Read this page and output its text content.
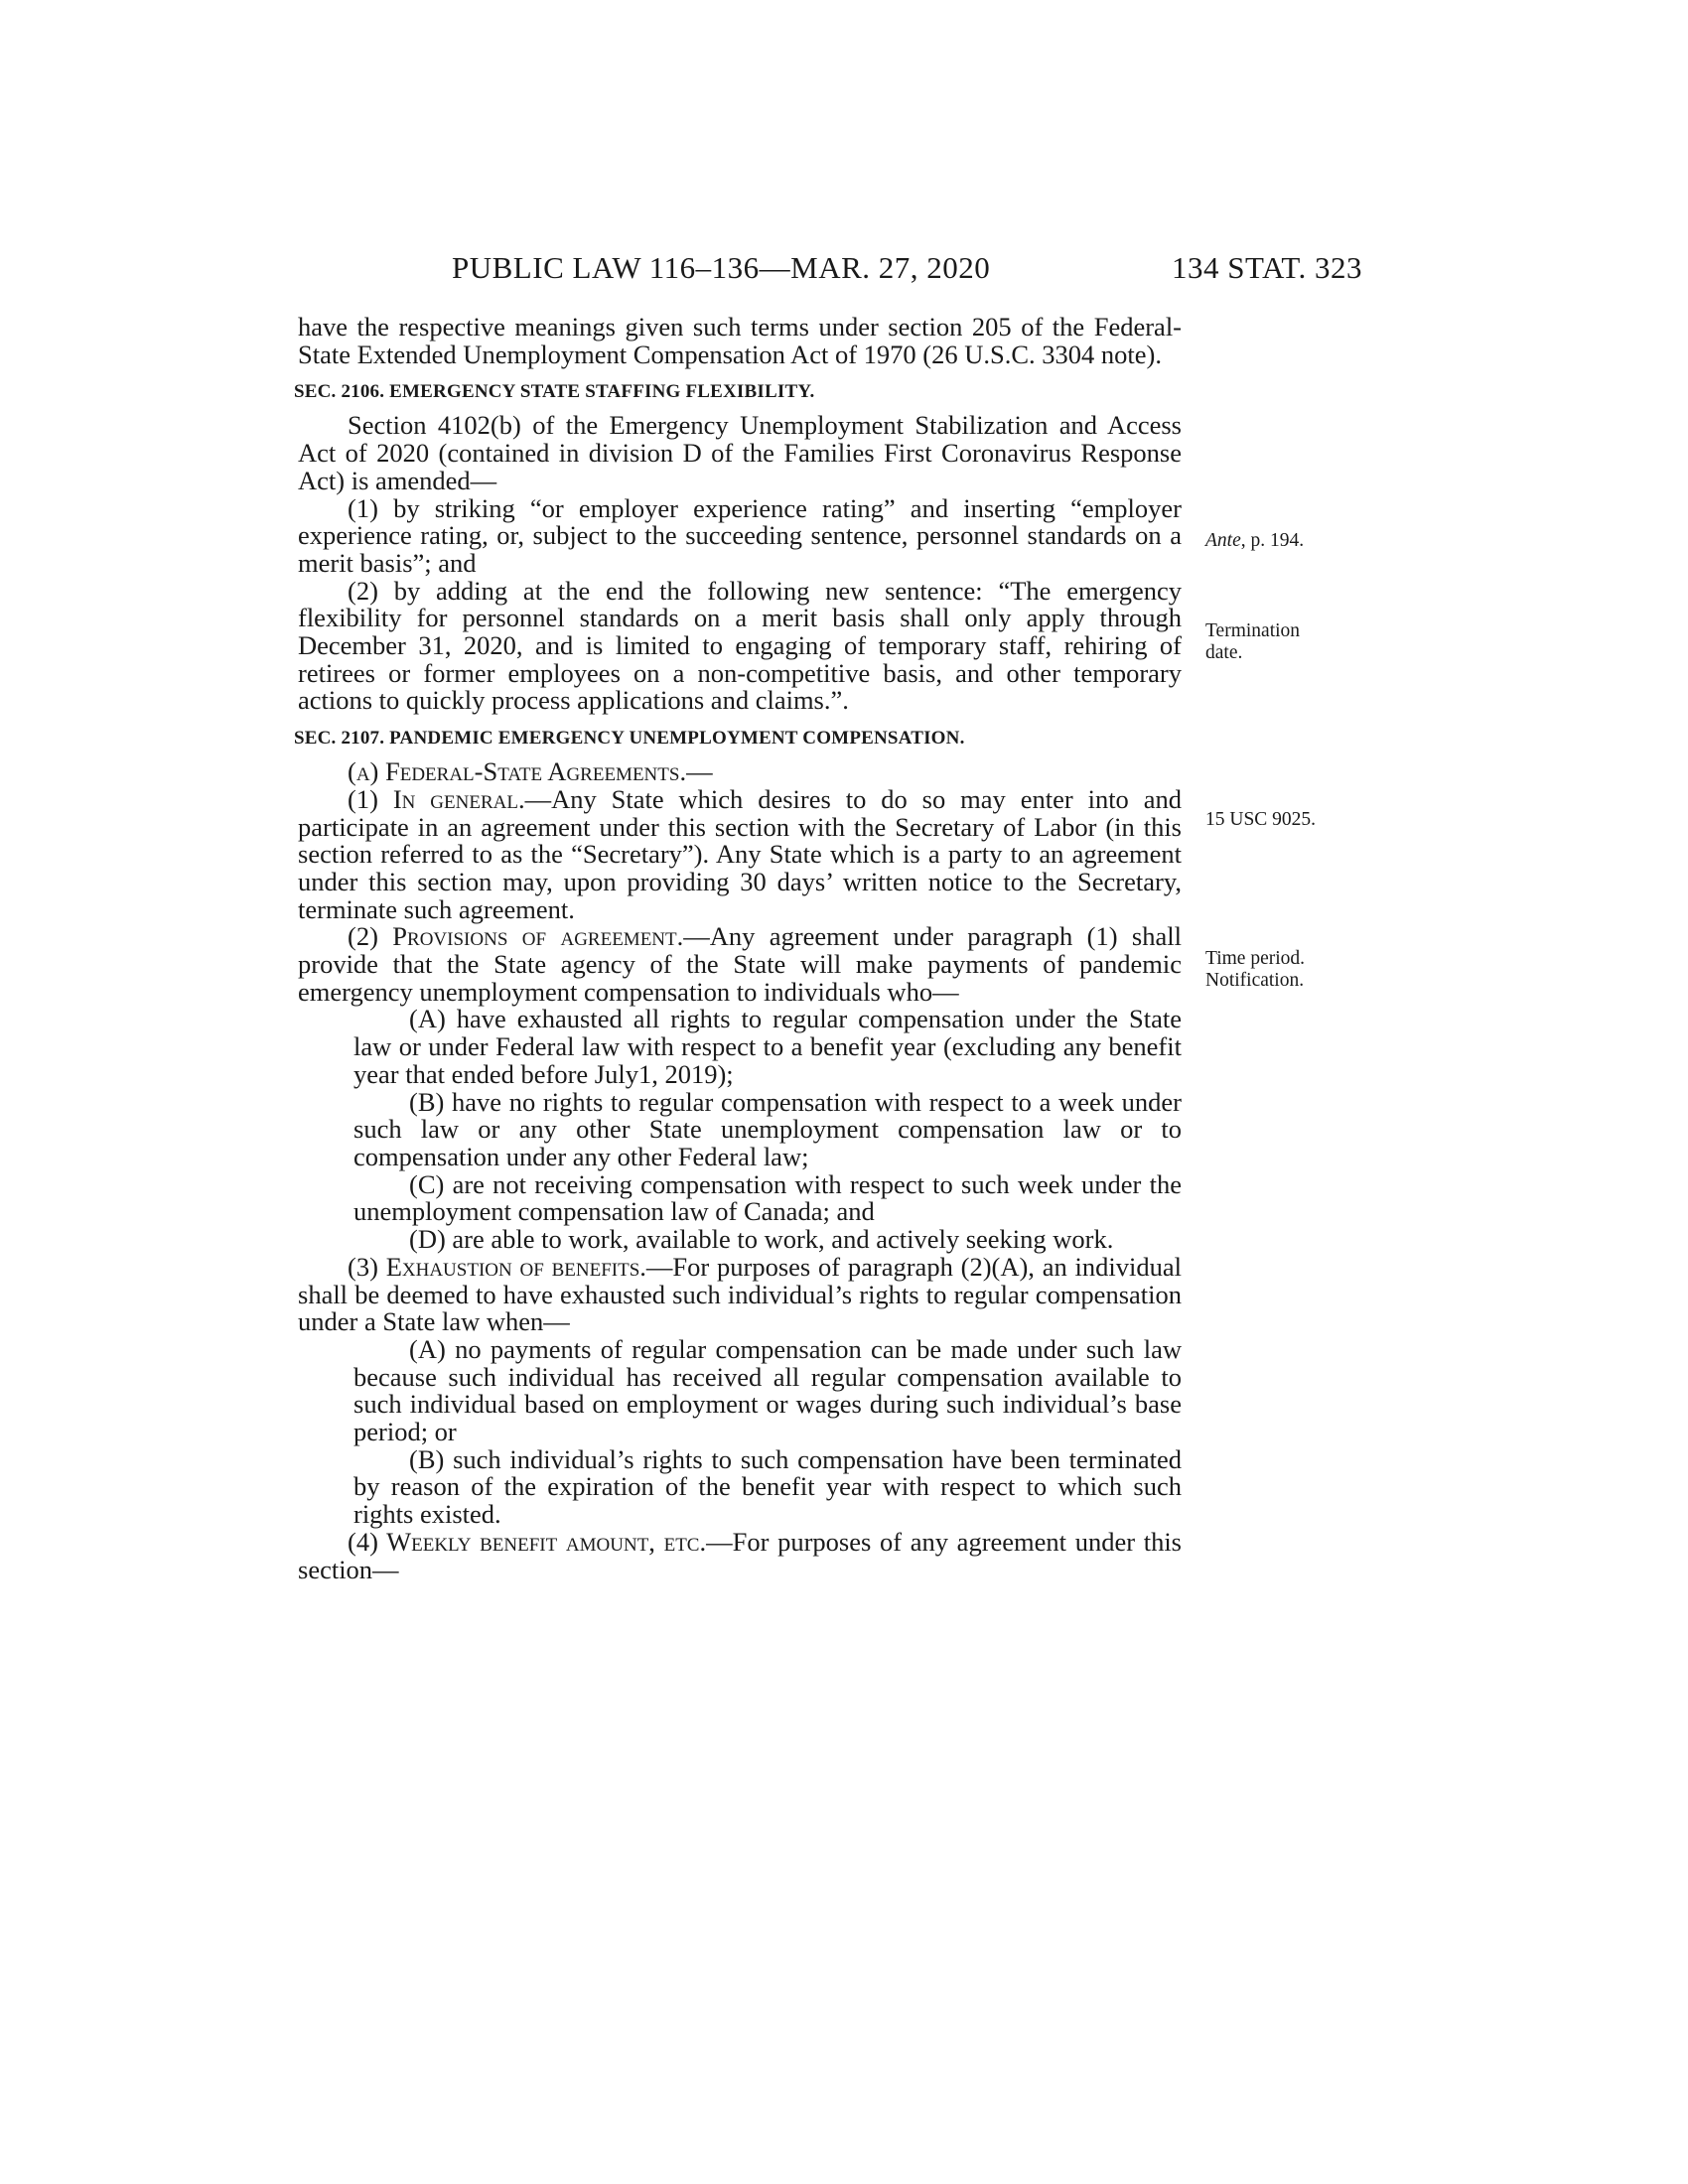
PUBLIC LAW 116–136—MAR. 27, 2020	134 STAT. 323

have the respective meanings given such terms under section 205 of the Federal-State Extended Unemployment Compensation Act of 1970 (26 U.S.C. 3304 note).

SEC. 2106. EMERGENCY STATE STAFFING FLEXIBILITY.

Section 4102(b) of the Emergency Unemployment Stabilization and Access Act of 2020 (contained in division D of the Families First Coronavirus Response Act) is amended—

(1) by striking “or employer experience rating” and inserting “employer experience rating, or, subject to the succeeding sentence, personnel standards on a merit basis”; and

(2) by adding at the end the following new sentence: “The emergency flexibility for personnel standards on a merit basis shall only apply through December 31, 2020, and is limited to engaging of temporary staff, rehiring of retirees or former employees on a non-competitive basis, and other temporary actions to quickly process applications and claims.”.

SEC. 2107. PANDEMIC EMERGENCY UNEMPLOYMENT COMPENSATION.

(a) Federal-State Agreements.—

(1) In general.—Any State which desires to do so may enter into and participate in an agreement under this section with the Secretary of Labor (in this section referred to as the “Secretary”). Any State which is a party to an agreement under this section may, upon providing 30 days’ written notice to the Secretary, terminate such agreement.

(2) Provisions of agreement.—Any agreement under paragraph (1) shall provide that the State agency of the State will make payments of pandemic emergency unemployment compensation to individuals who—

(A) have exhausted all rights to regular compensation under the State law or under Federal law with respect to a benefit year (excluding any benefit year that ended before July1, 2019);

(B) have no rights to regular compensation with respect to a week under such law or any other State unemployment compensation law or to compensation under any other Federal law;

(C) are not receiving compensation with respect to such week under the unemployment compensation law of Canada; and

(D) are able to work, available to work, and actively seeking work.

(3) Exhaustion of benefits.—For purposes of paragraph (2)(A), an individual shall be deemed to have exhausted such individual’s rights to regular compensation under a State law when—

(A) no payments of regular compensation can be made under such law because such individual has received all regular compensation available to such individual based on employment or wages during such individual’s base period; or

(B) such individual’s rights to such compensation have been terminated by reason of the expiration of the benefit year with respect to which such rights existed.

(4) Weekly benefit amount, etc.—For purposes of any agreement under this section—

Ante, p. 194.
Termination
date.
15 USC 9025.
Time period.
Notification.
